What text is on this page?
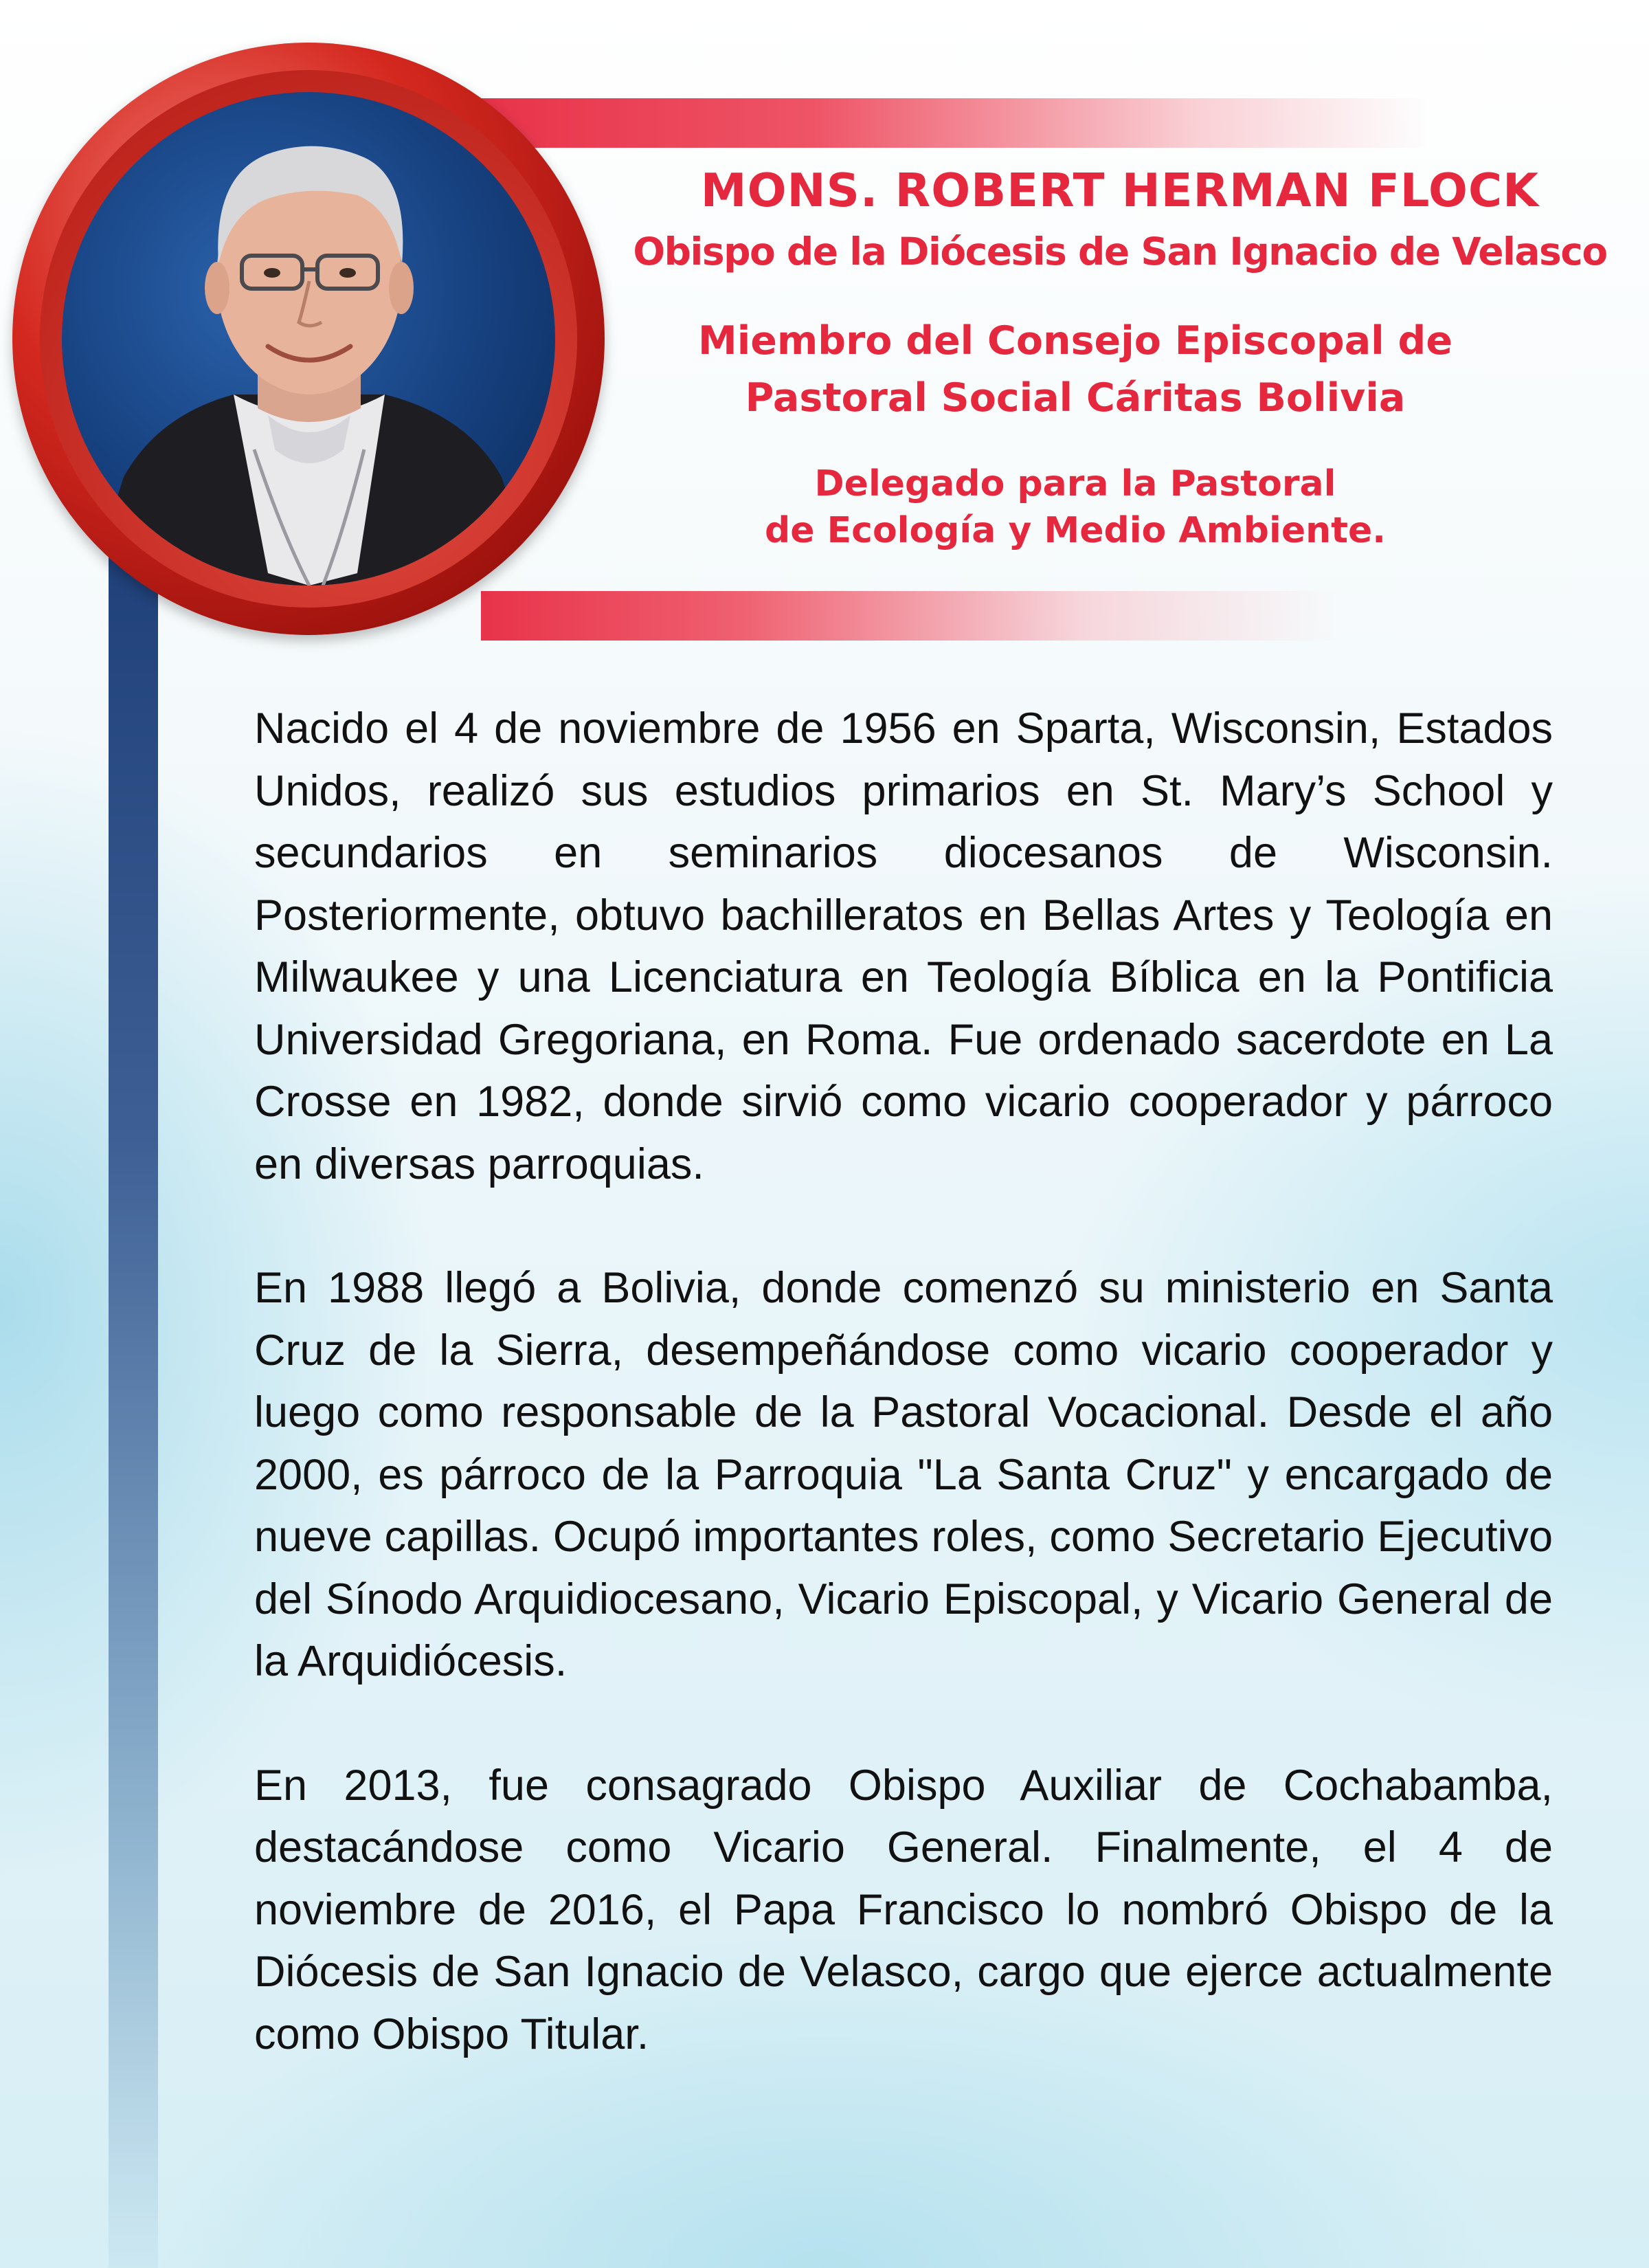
MONS. ROBERT HERMAN FLOCK
Obispo de la Diócesis de San Ignacio de Velasco
Miembro del Consejo Episcopal de
Pastoral Social Cáritas Bolivia
Delegado para la Pastoral
de Ecología y Medio Ambiente.

Nacido el 4 de noviembre de 1956 en Sparta, Wisconsin, Estados Unidos, realizó sus estudios primarios en St. Mary’s School y secundarios en seminarios diocesanos de Wisconsin. Posteriormente, obtuvo bachilleratos en Bellas Artes y Teología en Milwaukee y una Licenciatura en Teología Bíblica en la Pontificia Universidad Gregoriana, en Roma. Fue ordenado sacerdote en La Crosse en 1982, donde sirvió como vicario cooperador y párroco en diversas parroquias.

En 1988 llegó a Bolivia, donde comenzó su ministerio en Santa Cruz de la Sierra, desempeñándose como vicario cooperador y luego como responsable de la Pastoral Vocacional. Desde el año 2000, es párroco de la Parroquia "La Santa Cruz" y encargado de nueve capillas. Ocupó importantes roles, como Secretario Ejecutivo del Sínodo Arquidiocesano, Vicario Episcopal, y Vicario General de la Arquidiócesis.

En 2013, fue consagrado Obispo Auxiliar de Cochabamba, destacándose como Vicario General. Finalmente, el 4 de noviembre de 2016, el Papa Francisco lo nombró Obispo de la Diócesis de San Ignacio de Velasco, cargo que ejerce actualmente como Obispo Titular.
